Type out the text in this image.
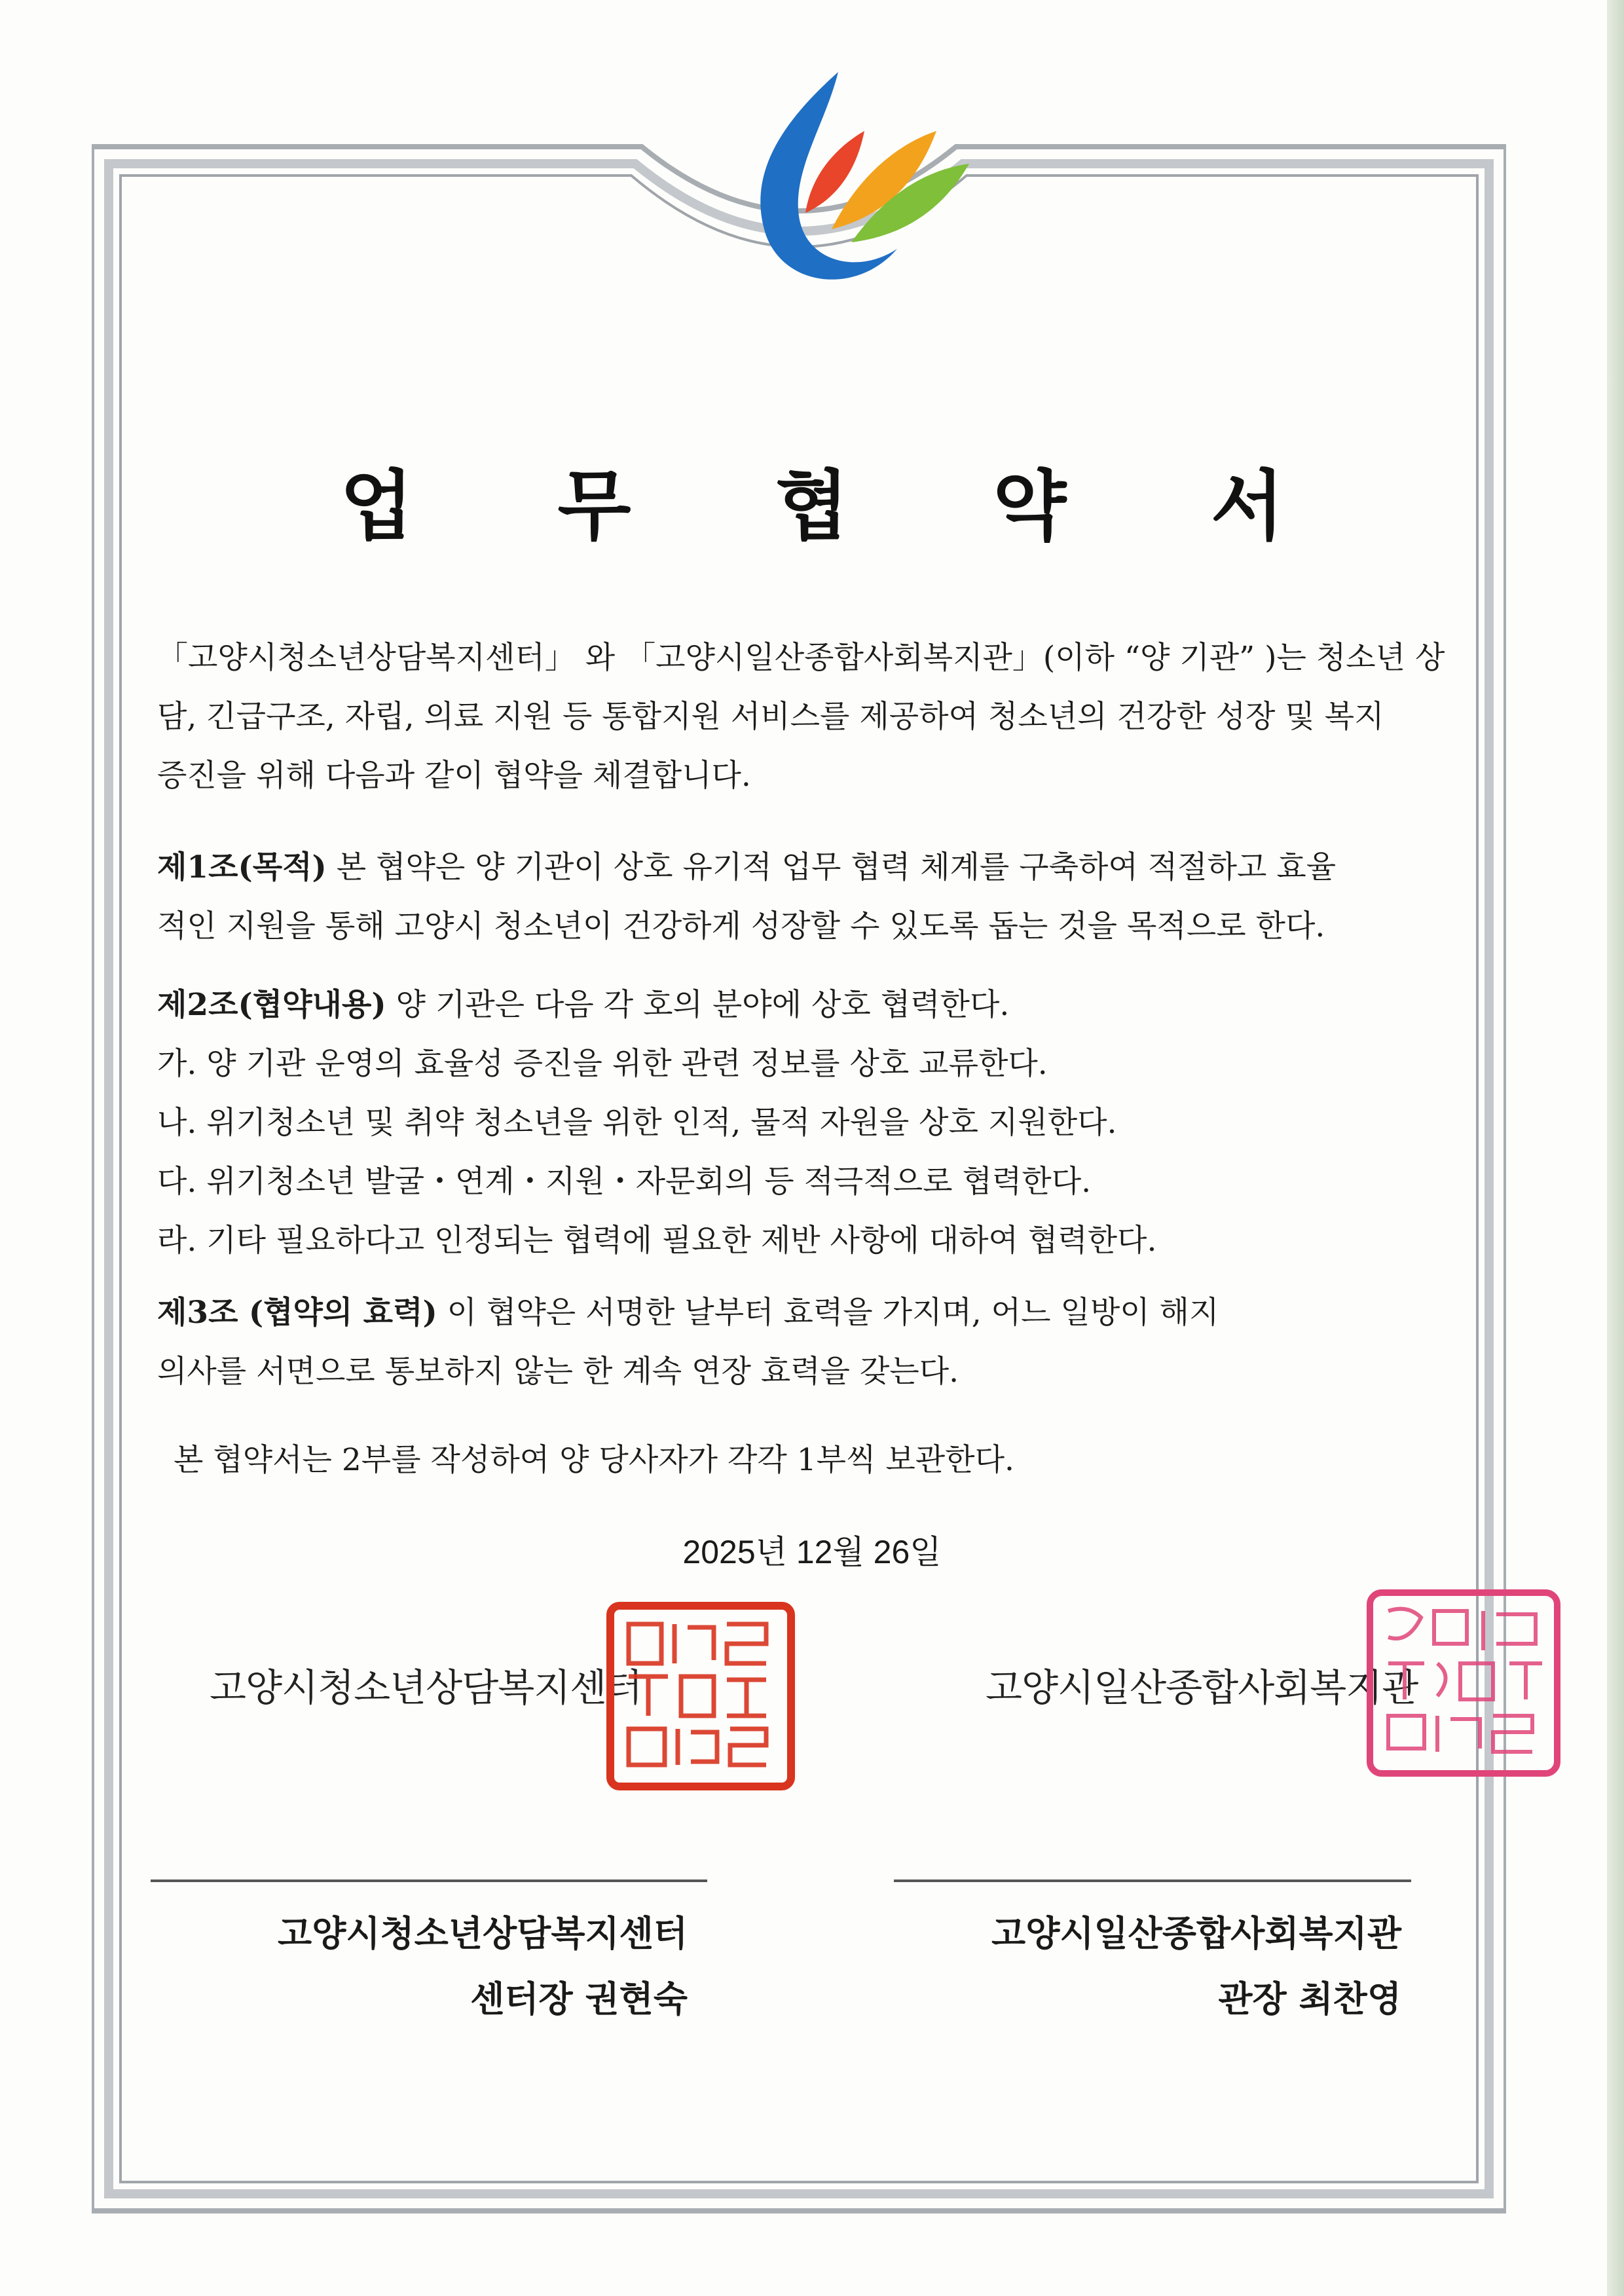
업 무 협 약 서
「고양시청소년상담복지센터」 와 「고양시일산종합사회복지관」(이하 “양 기관” )는 청소년 상
담, 긴급구조, 자립, 의료 지원 등 통합지원 서비스를 제공하여 청소년의 건강한 성장 및 복지
증진을 위해 다음과 같이 협약을 체결합니다.
제1조(목적) 본 협약은 양 기관이 상호 유기적 업무 협력 체계를 구축하여 적절하고 효율
적인 지원을 통해 고양시 청소년이 건강하게 성장할 수 있도록 돕는 것을 목적으로 한다.
제2조(협약내용) 양 기관은 다음 각 호의 분야에 상호 협력한다.
가. 양 기관 운영의 효율성 증진을 위한 관련 정보를 상호 교류한다.
나. 위기청소년 및 취약 청소년을 위한 인적, 물적 자원을 상호 지원한다.
다. 위기청소년 발굴・연계・지원・자문회의 등 적극적으로 협력한다.
라. 기타 필요하다고 인정되는 협력에 필요한 제반 사항에 대하여 협력한다.
제3조 (협약의 효력) 이 협약은 서명한 날부터 효력을 가지며, 어느 일방이 해지
의사를 서면으로 통보하지 않는 한 계속 연장 효력을 갖는다.
본 협약서는 2부를 작성하여 양 당사자가 각각 1부씩 보관한다.
2025년 12월 26일
고양시청소년상담복지센터	고양시일산종합사회복지관
고양시청소년상담복지센터
센터장 권현숙
고양시일산종합사회복지관
관장 최찬영
